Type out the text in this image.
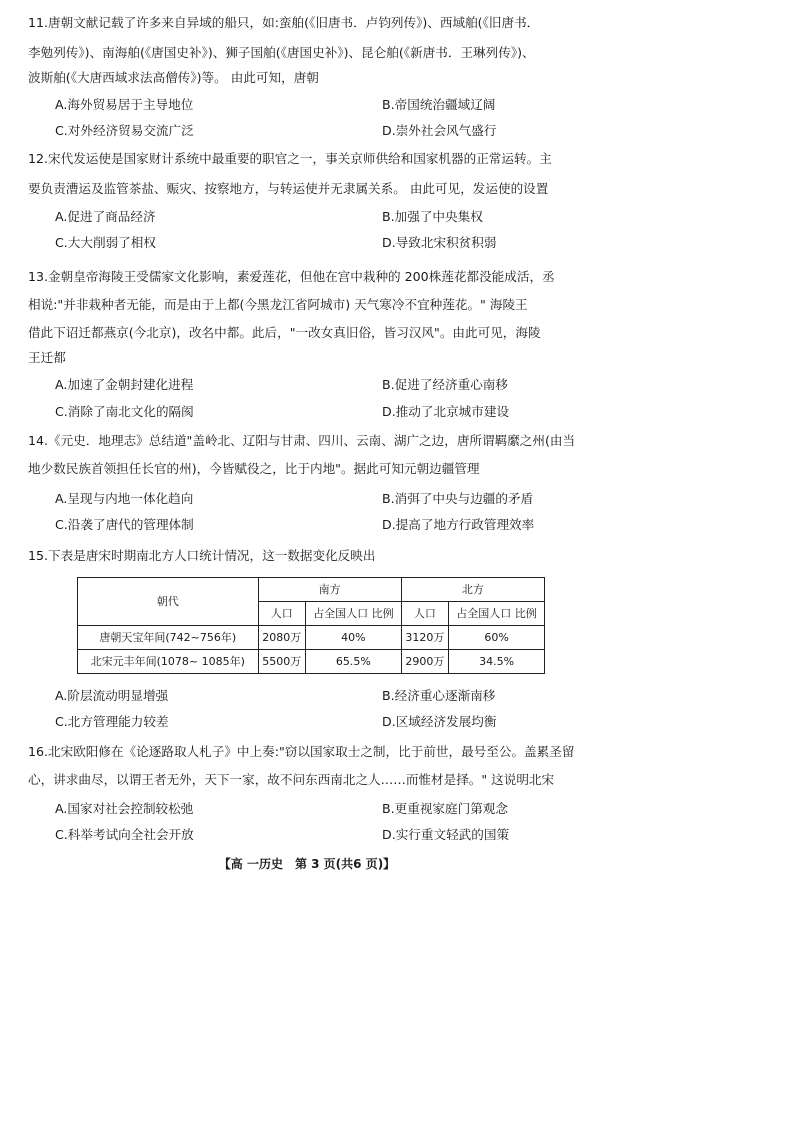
11.唐朝文献记载了许多来自异域的船只，如:蛮舶(《旧唐书．卢钧列传》)、西域舶(《旧唐书．
李勉列传》)、南海舶(《唐国史补》)、狮子国舶(《唐国史补》)、昆仑舶(《新唐书．王琳列传》)、
波斯舶(《大唐西域求法高僧传》)等。 由此可知，唐朝
A.海外贸易居于主导地位	B.帝国统治疆域辽阔
C.对外经济贸易交流广泛	D.崇外社会风气盛行
12.宋代发运使是国家财计系统中最重要的职官之一，事关京师供给和国家机器的正常运转。主
要负责漕运及监管茶盐、赈灾、按察地方，与转运使并无隶属关系。 由此可见，发运使的设置
A.促进了商品经济	B.加强了中央集权
C.大大削弱了相权	D.导致北宋积贫积弱
13.金朝皇帝海陵王受儒家文化影响，素爱莲花，但他在宫中栽种的 200株莲花都没能成活，丞
相说:"并非栽种者无能，而是由于上都(今黑龙江省阿城市) 天气寒冷不宜种莲花。" 海陵王
借此下诏迁都燕京(今北京)，改名中都。此后，"一改女真旧俗，皆习汉风"。由此可见，海陵
王迁都
A.加速了金朝封建化进程	B.促进了经济重心南移
C.消除了南北文化的隔阂	D.推动了北京城市建设
14.《元史．地理志》总结道"盖岭北、辽阳与甘肃、四川、云南、湖广之边，唐所谓羁縻之州(由当
地少数民族首领担任长官的州)，今皆赋役之，比于内地"。据此可知元朝边疆管理
A.呈现与内地一体化趋向	B.消弭了中央与边疆的矛盾
C.沿袭了唐代的管理体制	D.提高了地方行政管理效率
15.下表是唐宋时期南北方人口统计情况，这一数据变化反映出
朝代	南方		北方	
	人口	占全国人口 比例	人口	占全国人口 比例
唐朝天宝年间(742~756年)	2080万	40%	3120万	60%
北宋元丰年间(1078~ 1085年)	5500万	65.5%	2900万	34.5%
A.阶层流动明显增强	B.经济重心逐渐南移
C.北方管理能力较差	D.区域经济发展均衡
16.北宋欧阳修在《论逐路取人札子》中上奏:"窃以国家取士之制，比于前世，最号至公。盖累圣留
心，讲求曲尽，以谓王者无外，天下一家，故不问东西南北之人……而惟材是择。" 这说明北宋
A.国家对社会控制较松弛	B.更重视家庭门第观念
C.科举考试向全社会开放	D.实行重文轻武的国策
【高 一历史　第 3 页(共6 页)】
